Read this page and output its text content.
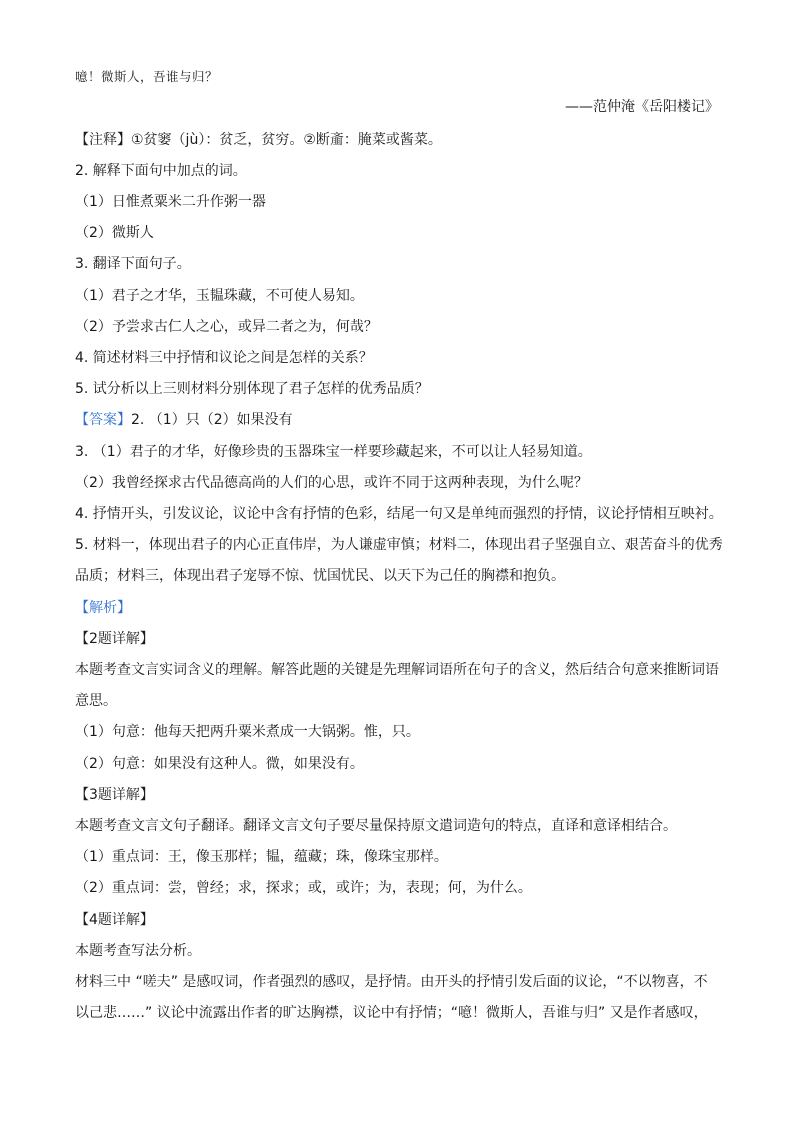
噫！微斯人，吾谁与归？
——范仲淹《岳阳楼记》
【注释】①贫窭（jù）：贫乏，贫穷。②断齑：腌菜或酱菜。
2. 解释下面句中加点的词。
（1）日惟煮粟米二升作粥一器
（2）微斯人
3. 翻译下面句子。
（1）君子之才华，玉韫珠藏，不可使人易知。
（2）予尝求古仁人之心，或异二者之为，何哉？
4. 简述材料三中抒情和议论之间是怎样的关系？
5. 试分析以上三则材料分别体现了君子怎样的优秀品质？
【答案】2. （1）只（2）如果没有
3. （1）君子的才华，好像珍贵的玉器珠宝一样要珍藏起来，不可以让人轻易知道。
（2）我曾经探求古代品德高尚的人们的心思，或许不同于这两种表现，为什么呢？
4. 抒情开头，引发议论，议论中含有抒情的色彩，结尾一句又是单纯而强烈的抒情，议论抒情相互映衬。
5. 材料一，体现出君子的内心正直伟岸，为人谦虚审慎；材料二，体现出君子坚强自立、艰苦奋斗的优秀
品质；材料三，体现出君子宠辱不惊、忧国忧民、以天下为己任的胸襟和抱负。
【解析】
【2题详解】
本题考查文言实词含义的理解。解答此题的关键是先理解词语所在句子的含义，然后结合句意来推断词语
意思。
（1）句意：他每天把两升粟米煮成一大锅粥。惟，只。
（2）句意：如果没有这种人。微，如果没有。
【3题详解】
本题考查文言文句子翻译。翻译文言文句子要尽量保持原文遣词造句的特点，直译和意译相结合。
（1）重点词：王，像玉那样；韫，蕴藏；珠，像珠宝那样。
（2）重点词：尝，曾经；求，探求；或，或许；为，表现；何，为什么。
【4题详解】
本题考查写法分析。
材料三中 “嗟夫” 是感叹词，作者强烈的感叹，是抒情。由开头的抒情引发后面的议论，“不以物喜，不
以己悲……” 议论中流露出作者的旷达胸襟，议论中有抒情；“噫！微斯人，吾谁与归” 又是作者感叹，
